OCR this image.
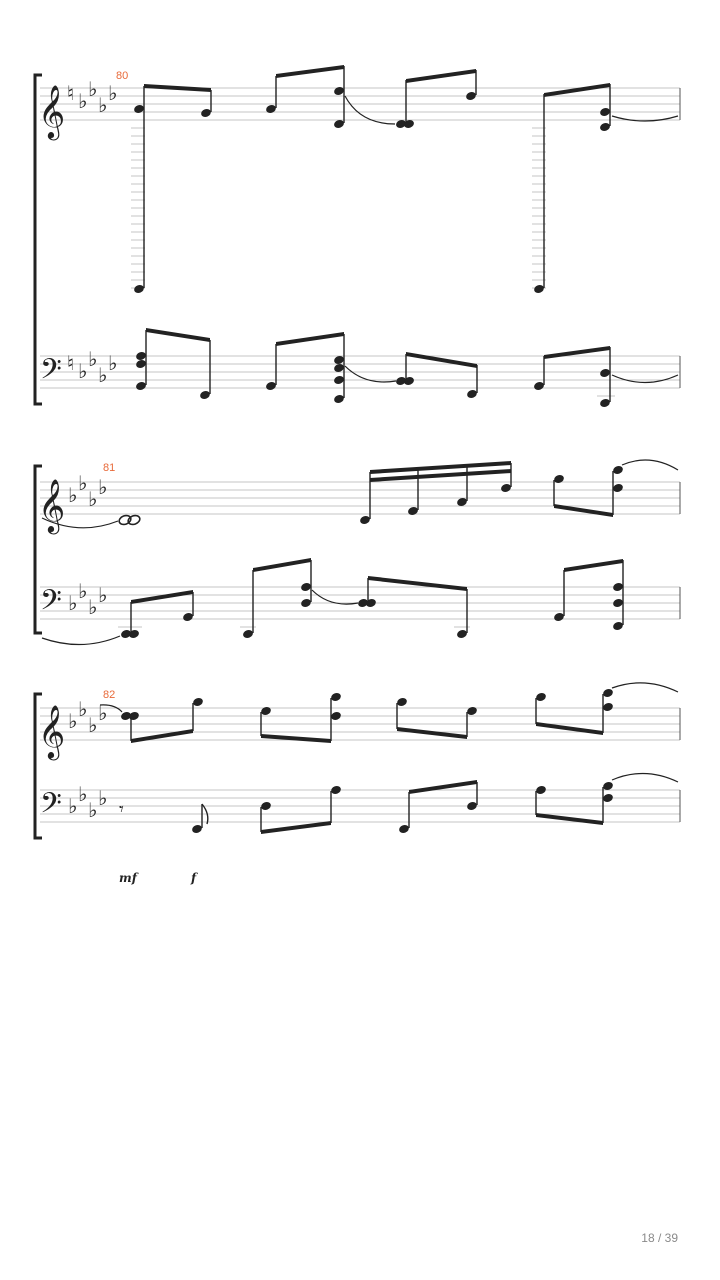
𝄞 ♮ ♭ ♭
♭ ♭
80
𝄢 ♮ ♭ ♭
♭ ♭
𝄞 ♭ ♭
♭ ♭
81
𝄢 ♭ ♭
♭ ♭
𝄞 ♭ ♭
♭ ♭
82
𝄢 ♭ ♭
♭ ♭ 𝄾
mf	f
18 / 39
